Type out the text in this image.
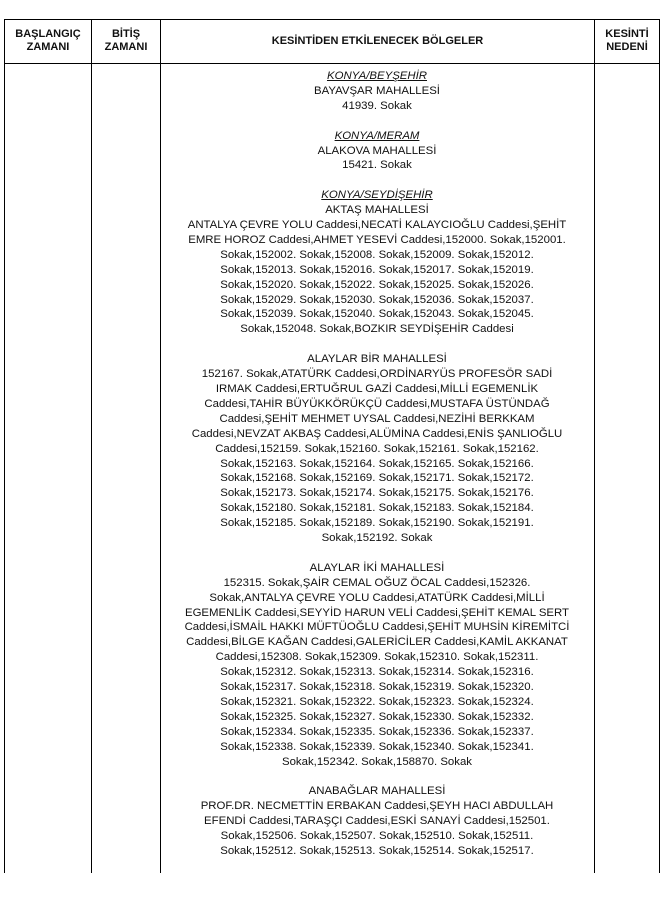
BAŞLANGIÇ
ZAMANI
BİTİŞ
ZAMANI
KESİNTİDEN ETKİLENECEK BÖLGELER
KESİNTİ
NEDENİ
KONYA/BEYŞEHİR
BAYAVŞAR MAHALLESİ
41939. Sokak
KONYA/MERAM
ALAKOVA MAHALLESİ
15421. Sokak
KONYA/SEYDİŞEHİR
AKTAŞ MAHALLESİ
ANTALYA ÇEVRE YOLU Caddesi,NECATİ KALAYCIOĞLU Caddesi,ŞEHİT
EMRE HOROZ Caddesi,AHMET YESEVİ Caddesi,152000. Sokak,152001.
Sokak,152002. Sokak,152008. Sokak,152009. Sokak,152012.
Sokak,152013. Sokak,152016. Sokak,152017. Sokak,152019.
Sokak,152020. Sokak,152022. Sokak,152025. Sokak,152026.
Sokak,152029. Sokak,152030. Sokak,152036. Sokak,152037.
Sokak,152039. Sokak,152040. Sokak,152043. Sokak,152045.
Sokak,152048. Sokak,BOZKIR SEYDİŞEHİR Caddesi
ALAYLAR BİR MAHALLESİ
152167. Sokak,ATATÜRK Caddesi,ORDİNARYÜS PROFESÖR SADİ
IRMAK Caddesi,ERTUĞRUL GAZİ Caddesi,MİLLİ EGEMENLİK
Caddesi,TAHİR BÜYÜKKÖRÜKÇÜ Caddesi,MUSTAFA ÜSTÜNDAĞ
Caddesi,ŞEHİT MEHMET UYSAL Caddesi,NEZİHİ BERKKAM
Caddesi,NEVZAT AKBAŞ Caddesi,ALÜMİNA Caddesi,ENİS ŞANLIOĞLU
Caddesi,152159. Sokak,152160. Sokak,152161. Sokak,152162.
Sokak,152163. Sokak,152164. Sokak,152165. Sokak,152166.
Sokak,152168. Sokak,152169. Sokak,152171. Sokak,152172.
Sokak,152173. Sokak,152174. Sokak,152175. Sokak,152176.
Sokak,152180. Sokak,152181. Sokak,152183. Sokak,152184.
Sokak,152185. Sokak,152189. Sokak,152190. Sokak,152191.
Sokak,152192. Sokak
ALAYLAR İKİ MAHALLESİ
152315. Sokak,ŞAİR CEMAL OĞUZ ÖCAL Caddesi,152326.
Sokak,ANTALYA ÇEVRE YOLU Caddesi,ATATÜRK Caddesi,MİLLİ
EGEMENLİK Caddesi,SEYYİD HARUN VELİ Caddesi,ŞEHİT KEMAL SERT
Caddesi,İSMAİL HAKKI MÜFTÜOĞLU Caddesi,ŞEHİT MUHSİN KİREMİTCİ
Caddesi,BİLGE KAĞAN Caddesi,GALERİCİLER Caddesi,KAMİL AKKANAT
Caddesi,152308. Sokak,152309. Sokak,152310. Sokak,152311.
Sokak,152312. Sokak,152313. Sokak,152314. Sokak,152316.
Sokak,152317. Sokak,152318. Sokak,152319. Sokak,152320.
Sokak,152321. Sokak,152322. Sokak,152323. Sokak,152324.
Sokak,152325. Sokak,152327. Sokak,152330. Sokak,152332.
Sokak,152334. Sokak,152335. Sokak,152336. Sokak,152337.
Sokak,152338. Sokak,152339. Sokak,152340. Sokak,152341.
Sokak,152342. Sokak,158870. Sokak
ANABAĞLAR MAHALLESİ
PROF.DR. NECMETTİN ERBAKAN Caddesi,ŞEYH HACI ABDULLAH
EFENDİ Caddesi,TARAŞÇI Caddesi,ESKİ SANAYİ Caddesi,152501.
Sokak,152506. Sokak,152507. Sokak,152510. Sokak,152511.
Sokak,152512. Sokak,152513. Sokak,152514. Sokak,152517.
